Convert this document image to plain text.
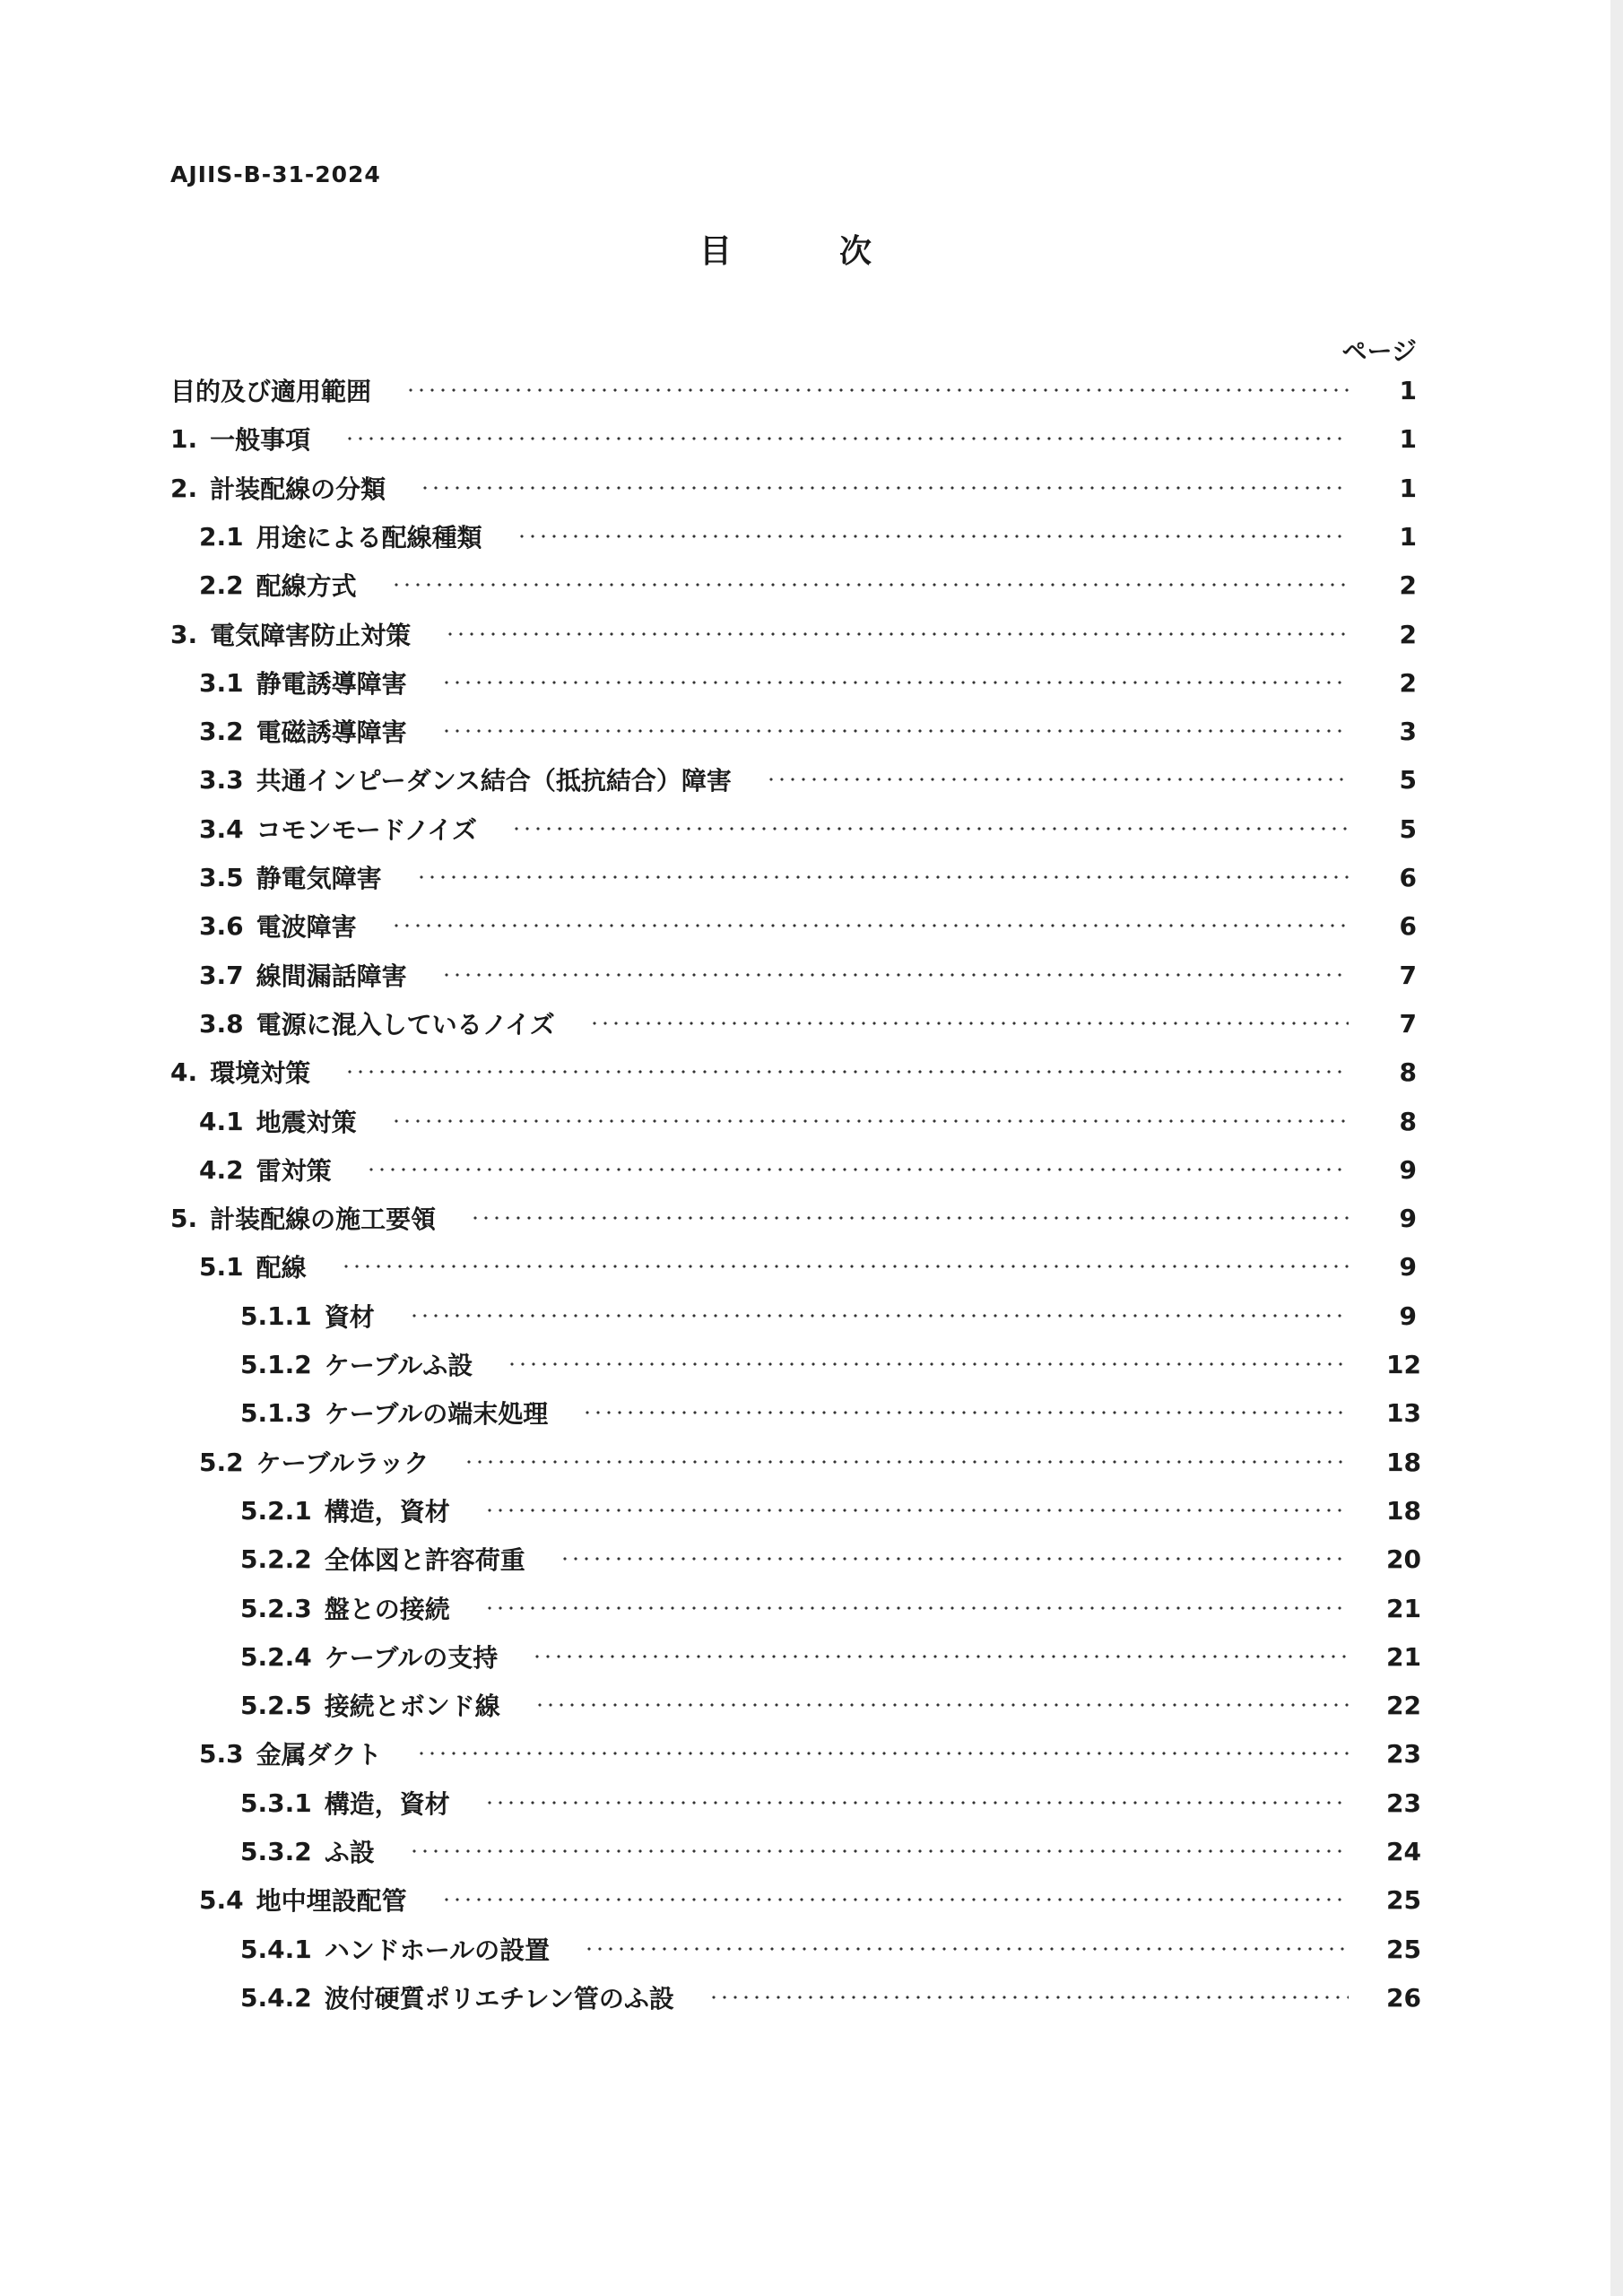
AJIIS-B-31-2024
目	次
ページ
目的及び適用範囲	1
1. 一般事項	1
2. 計装配線の分類	1
2.1 用途による配線種類	1
2.2 配線方式	2
3. 電気障害防止対策	2
3.1 静電誘導障害	2
3.2 電磁誘導障害	3
3.3 共通インピーダンス結合（抵抗結合）障害	5
3.4 コモンモードノイズ	5
3.5 静電気障害	6
3.6 電波障害	6
3.7 線間漏話障害	7
3.8 電源に混入しているノイズ	7
4. 環境対策	8
4.1 地震対策	8
4.2 雷対策	9
5. 計装配線の施工要領	9
5.1 配線	9
5.1.1 資材	9
5.1.2 ケーブルふ設	12
5.1.3 ケーブルの端末処理	13
5.2 ケーブルラック	18
5.2.1 構造，資材	18
5.2.2 全体図と許容荷重	20
5.2.3 盤との接続	21
5.2.4 ケーブルの支持	21
5.2.5 接続とボンド線	22
5.3 金属ダクト	23
5.3.1 構造，資材	23
5.3.2 ふ設	24
5.4 地中埋設配管	25
5.4.1 ハンドホールの設置	25
5.4.2 波付硬質ポリエチレン管のふ設	26
